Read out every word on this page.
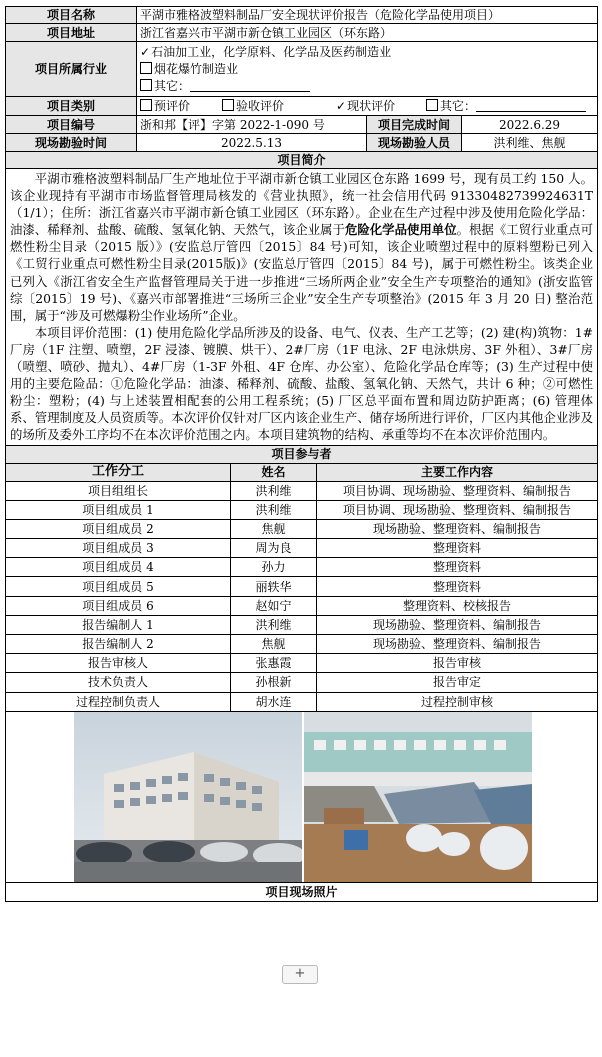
项目名称	平湖市雅格波塑料制品厂安全现状评价报告（危险化学品使用项目）				
项目地址	浙江省嘉兴市平湖市新仓镇工业园区（环东路）				
项目所属行业	✓石油加工业，化学原料、化学品及医药制造业
烟花爆竹制造业
其它：				

项目类别	预评价 验收评价 ✓现状评价 其它：				
项目编号	浙和邦【评】字第 2022-1-090 号			项目完成时间	2022.6.29
现场勘验时间	2022.5.13			现场勘验人员	洪利维、焦舰
项目简介					

平湖市雅格波塑料制品厂生产地址位于平湖市新仓镇工业园区仓东路 1699 号，现有员工约 150 人。该企业现持有平湖市市场监督管理局核发的《营业执照》，统一社会信用代码 91330482739924631T（1/1）；住所：浙江省嘉兴市平湖市新仓镇工业园区（环东路）。企业在生产过程中涉及使用危险化学品：油漆、稀释剂、盐酸、硫酸、氢氧化钠、天然气，该企业属于危险化学品使用单位。根据《工贸行业重点可燃性粉尘目录（2015 版）》(安监总厅管四〔2015〕84 号)可知，该企业喷塑过程中的原料塑粉已列入《工贸行业重点可燃性粉尘目录(2015版)》(安监总厅管四〔2015〕84 号)，属于可燃性粉尘。该类企业已列入《浙江省安全生产监督管理局关于进一步推进“三场所两企业”安全生产专项整治的通知》(浙安监管综〔2015〕19 号)、《嘉兴市部署推进“三场所三企业”安全生产专项整治》(2015 年 3 月 20 日) 整治范围，属于“涉及可燃爆粉尘作业场所”企业。

本项目评价范围：(1) 使用危险化学品所涉及的设备、电气、仪表、生产工艺等；(2) 建(构)筑物：1#厂房（1F 注塑、喷塑，2F 浸漆、镀膜、烘干）、2#厂房（1F 电泳、2F 电泳烘房、3F 外租）、3#厂房（喷塑、喷砂、抛丸）、4#厂房（1-3F 外租、4F 仓库、办公室）、危险化学品仓库等；(3) 生产过程中使用的主要危险品：①危险化学品：油漆、稀释剂、硫酸、盐酸、氢氧化钠、天然气，共计 6 种；②可燃性粉尘：塑粉；(4) 与上述装置相配套的公用工程系统；(5) 厂区总平面布置和周边防护距离；(6) 管理体系、管理制度及人员资质等。本次评价仅针对厂区内该企业生产、储存场所进行评价，厂区内其他企业涉及的场所及委外工序均不在本次评价范围之内。本项目建筑物的结构、承重等均不在本次评价范围内。					

项目参与者					
工作分工		姓名	主要工作内容		
项目组组长		洪利维	项目协调、现场勘验、整理资料、编制报告		
项目组成员 1		洪利维	项目协调、现场勘验、整理资料、编制报告		
项目组成员 2		焦舰	现场勘验、整理资料、编制报告		
项目组成员 3		周为良	整理资料		
项目组成员 4		孙力	整理资料		
项目组成员 5		丽轶华	整理资料		
项目组成员 6		赵如宁	整理资料、校核报告		
报告编制人 1		洪利维	现场勘验、整理资料、编制报告		
报告编制人 2		焦舰	现场勘验、整理资料、编制报告		
报告审核人		张惠霞	报告审核		
技术负责人		孙根新	报告审定		
过程控制负责人		胡水连	过程控制审核		

项目现场照片					
+
